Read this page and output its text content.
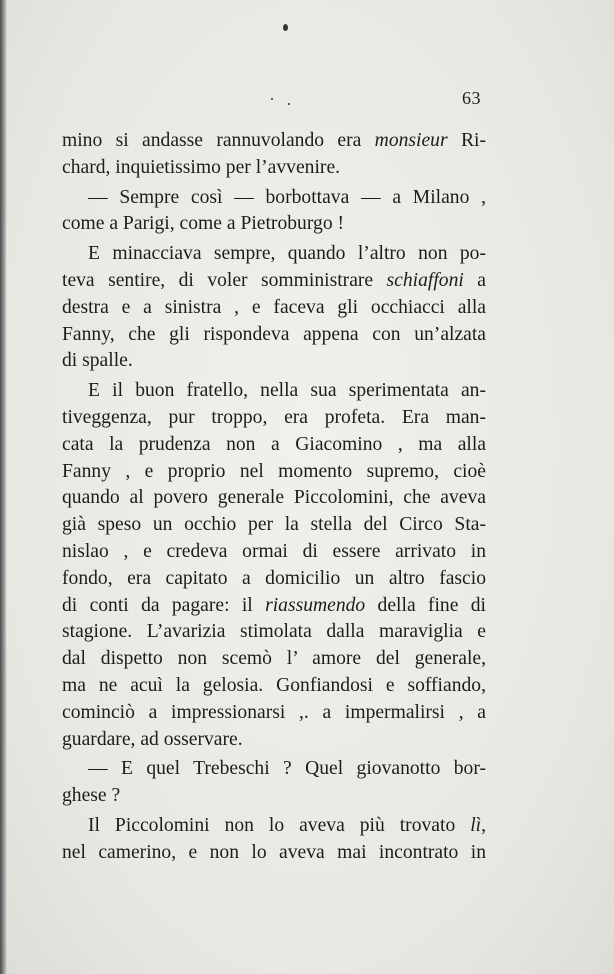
63
mino si andasse rannuvolando era monsieur Ri-
chard, inquietissimo per l’avvenire.
— Sempre così — borbottava — a Milano ,
come a Parigi, come a Pietroburgo !
E minacciava sempre, quando l’altro non po-
teva sentire, di voler somministrare schiaffoni a
destra e a sinistra , e faceva gli occhiacci alla
Fanny, che gli rispondeva appena con un’alzata
di spalle.
E il buon fratello, nella sua sperimentata an-
tiveggenza, pur troppo, era profeta. Era man-
cata la prudenza non a Giacomino , ma alla
Fanny , e proprio nel momento supremo, cioè
quando al povero generale Piccolomini, che aveva
già speso un occhio per la stella del Circo Sta-
nislao , e credeva ormai di essere arrivato in
fondo, era capitato a domicilio un altro fascio
di conti da pagare: il riassumendo della fine di
stagione. L’avarizia stimolata dalla maraviglia e
dal dispetto non scemò l’ amore del generale,
ma ne acuì la gelosia. Gonfiandosi e soffiando,
cominciò a impressionarsi ,. a impermalirsi , a
guardare, ad osservare.
— E quel Trebeschi ? Quel giovanotto bor-
ghese ?
Il Piccolomini non lo aveva più trovato lì,
nel camerino, e non lo aveva mai incontrato in
